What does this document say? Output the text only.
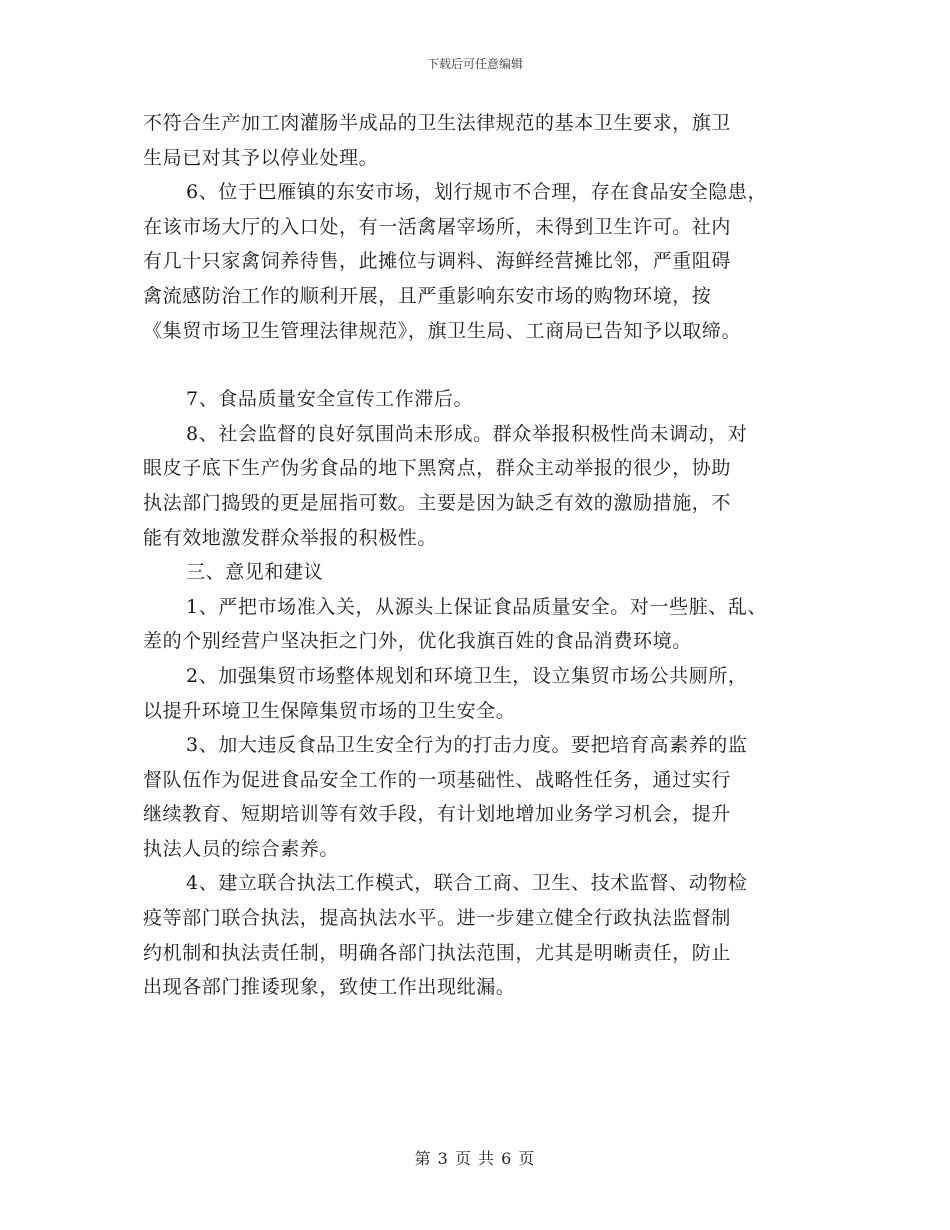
下载后可任意编辑
不符合生产加工肉灌肠半成品的卫生法律规范的基本卫生要求，旗卫
生局已对其予以停业处理。
6、位于巴雁镇的东安市场，划行规市不合理，存在食品安全隐患，
在该市场大厅的入口处，有一活禽屠宰场所，未得到卫生许可。社内
有几十只家禽饲养待售，此摊位与调料、海鲜经营摊比邻，严重阻碍
禽流感防治工作的顺利开展，且严重影响东安市场的购物环境，按
《集贸市场卫生管理法律规范》，旗卫生局、工商局已告知予以取缔。
7、食品质量安全宣传工作滞后。
8、社会监督的良好氛围尚未形成。群众举报积极性尚未调动，对
眼皮子底下生产伪劣食品的地下黑窝点，群众主动举报的很少，协助
执法部门捣毁的更是屈指可数。主要是因为缺乏有效的激励措施，不
能有效地激发群众举报的积极性。
三、意见和建议
1、严把市场准入关，从源头上保证食品质量安全。对一些脏、乱、
差的个别经营户坚决拒之门外，优化我旗百姓的食品消费环境。
2、加强集贸市场整体规划和环境卫生，设立集贸市场公共厕所，
以提升环境卫生保障集贸市场的卫生安全。
3、加大违反食品卫生安全行为的打击力度。要把培育高素养的监
督队伍作为促进食品安全工作的一项基础性、战略性任务，通过实行
继续教育、短期培训等有效手段，有计划地增加业务学习机会，提升
执法人员的综合素养。
4、建立联合执法工作模式，联合工商、卫生、技术监督、动物检
疫等部门联合执法，提高执法水平。进一步建立健全行政执法监督制
约机制和执法责任制，明确各部门执法范围，尤其是明晰责任，防止
出现各部门推诿现象，致使工作出现纰漏。
第 3 页 共 6 页
